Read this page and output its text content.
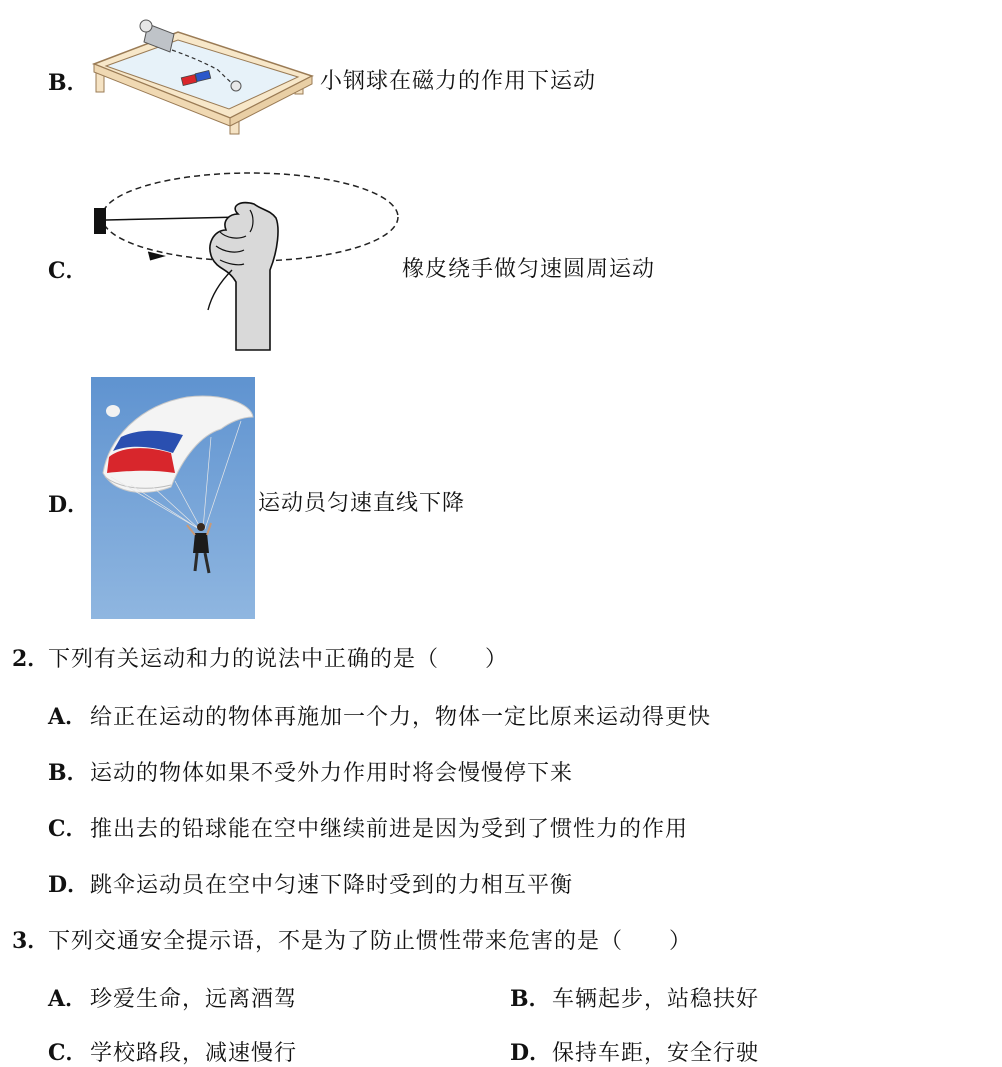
B．	小钢球在磁力的作用下运动
C．	橡皮绕手做匀速圆周运动
D．	运动员匀速直线下降
2．
下列有关运动和力的说法中正确的是（　　）
A． 给正在运动的物体再施加一个力，物体一定比原来运动得更快
B． 运动的物体如果不受外力作用时将会慢慢停下来
C． 推出去的铅球能在空中继续前进是因为受到了惯性力的作用
D． 跳伞运动员在空中匀速下降时受到的力相互平衡
3．
下列交通安全提示语，不是为了防止惯性带来危害的是（　　）
A． 珍爱生命，远离酒驾	B． 车辆起步，站稳扶好
C． 学校路段，减速慢行	D． 保持车距，安全行驶
